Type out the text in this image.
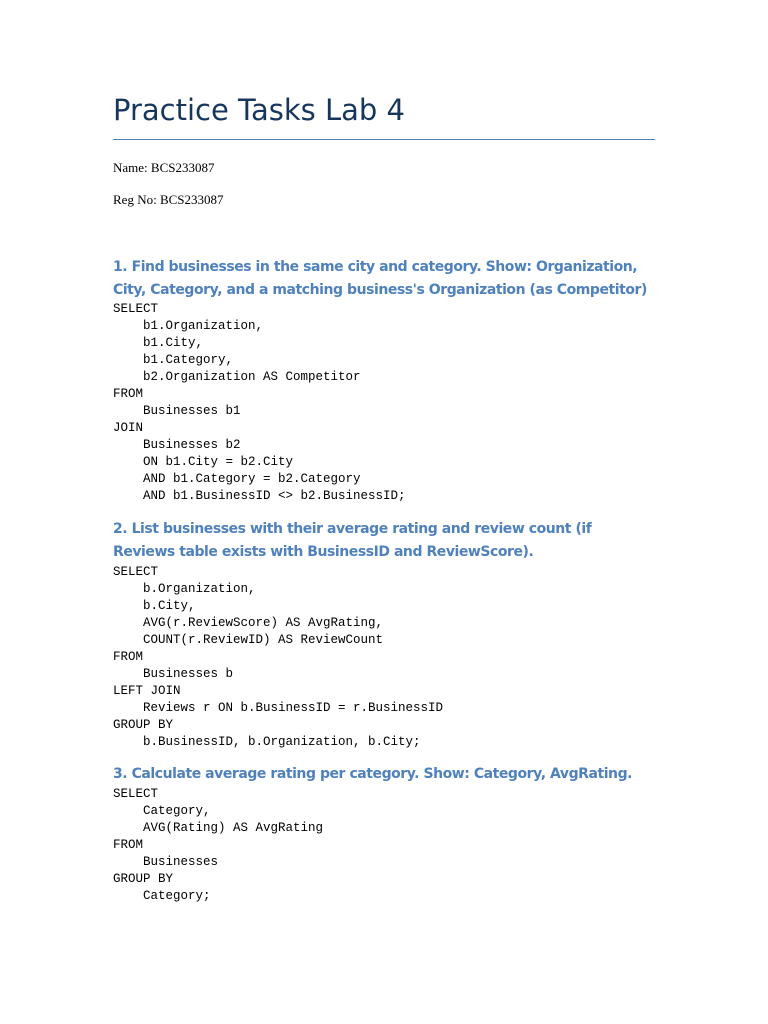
Practice Tasks Lab 4
Name: BCS233087
Reg No: BCS233087
1. Find businesses in the same city and category. Show: Organization, City, Category, and a matching business's Organization (as Competitor)
SELECT
b1.Organization,
b1.City,
b1.Category,
b2.Organization AS Competitor
FROM
Businesses b1
JOIN
Businesses b2
ON b1.City = b2.City
AND b1.Category = b2.Category
AND b1.BusinessID <> b2.BusinessID;
2. List businesses with their average rating and review count (if Reviews table exists with BusinessID and ReviewScore).
SELECT
b.Organization,
b.City,
AVG(r.ReviewScore) AS AvgRating,
COUNT(r.ReviewID) AS ReviewCount
FROM
Businesses b
LEFT JOIN
Reviews r ON b.BusinessID = r.BusinessID
GROUP BY
b.BusinessID, b.Organization, b.City;
3. Calculate average rating per category. Show: Category, AvgRating.
SELECT
Category,
AVG(Rating) AS AvgRating
FROM
Businesses
GROUP BY
Category;
